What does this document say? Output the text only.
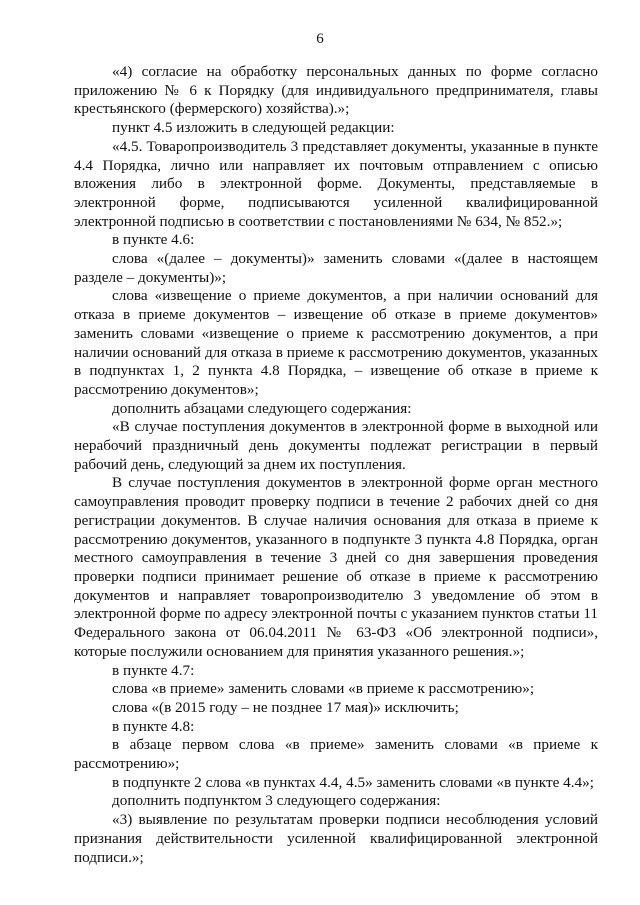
6

«4) согласие на обработку персональных данных по форме согласно приложению № 6 к Порядку (для индивидуального предпринимателя, главы крестьянского (фермерского) хозяйства).»;

пункт 4.5 изложить в следующей редакции:

«4.5. Товаропроизводитель 3 представляет документы, указанные в пункте 4.4 Порядка, лично или направляет их почтовым отправлением с описью вложения либо в электронной форме. Документы, представляемые в электронной форме, подписываются усиленной квалифицированной электронной подписью в соответствии с постановлениями № 634, № 852.»;

в пункте 4.6:

слова «(далее – документы)» заменить словами «(далее в настоящем разделе – документы)»;

слова «извещение о приеме документов, а при наличии оснований для отказа в приеме документов – извещение об отказе в приеме документов» заменить словами «извещение о приеме к рассмотрению документов, а при наличии оснований для отказа в приеме к рассмотрению документов, указанных в подпунктах 1, 2 пункта 4.8 Порядка, – извещение об отказе в приеме к рассмотрению документов»;

дополнить абзацами следующего содержания:

«В случае поступления документов в электронной форме в выходной или нерабочий праздничный день документы подлежат регистрации в первый рабочий день, следующий за днем их поступления.

В случае поступления документов в электронной форме орган местного самоуправления проводит проверку подписи в течение 2 рабочих дней со дня регистрации документов. В случае наличия основания для отказа в приеме к рассмотрению документов, указанного в подпункте 3 пункта 4.8 Порядка, орган местного самоуправления в течение 3 дней со дня завершения проведения проверки подписи принимает решение об отказе в приеме к рассмотрению документов и направляет товаропроизводителю 3 уведомление об этом в электронной форме по адресу электронной почты с указанием пунктов статьи 11 Федерального закона от 06.04.2011 № 63-ФЗ «Об электронной подписи», которые послужили основанием для принятия указанного решения.»;

в пункте 4.7:

слова «в приеме» заменить словами «в приеме к рассмотрению»;

слова «(в 2015 году – не позднее 17 мая)» исключить;

в пункте 4.8:

в абзаце первом слова «в приеме» заменить словами «в приеме к рассмотрению»;

в подпункте 2 слова «в пунктах 4.4, 4.5» заменить словами «в пункте 4.4»;

дополнить подпунктом 3 следующего содержания:

«3) выявление по результатам проверки подписи несоблюдения условий признания действительности усиленной квалифицированной электронной подписи.»;
